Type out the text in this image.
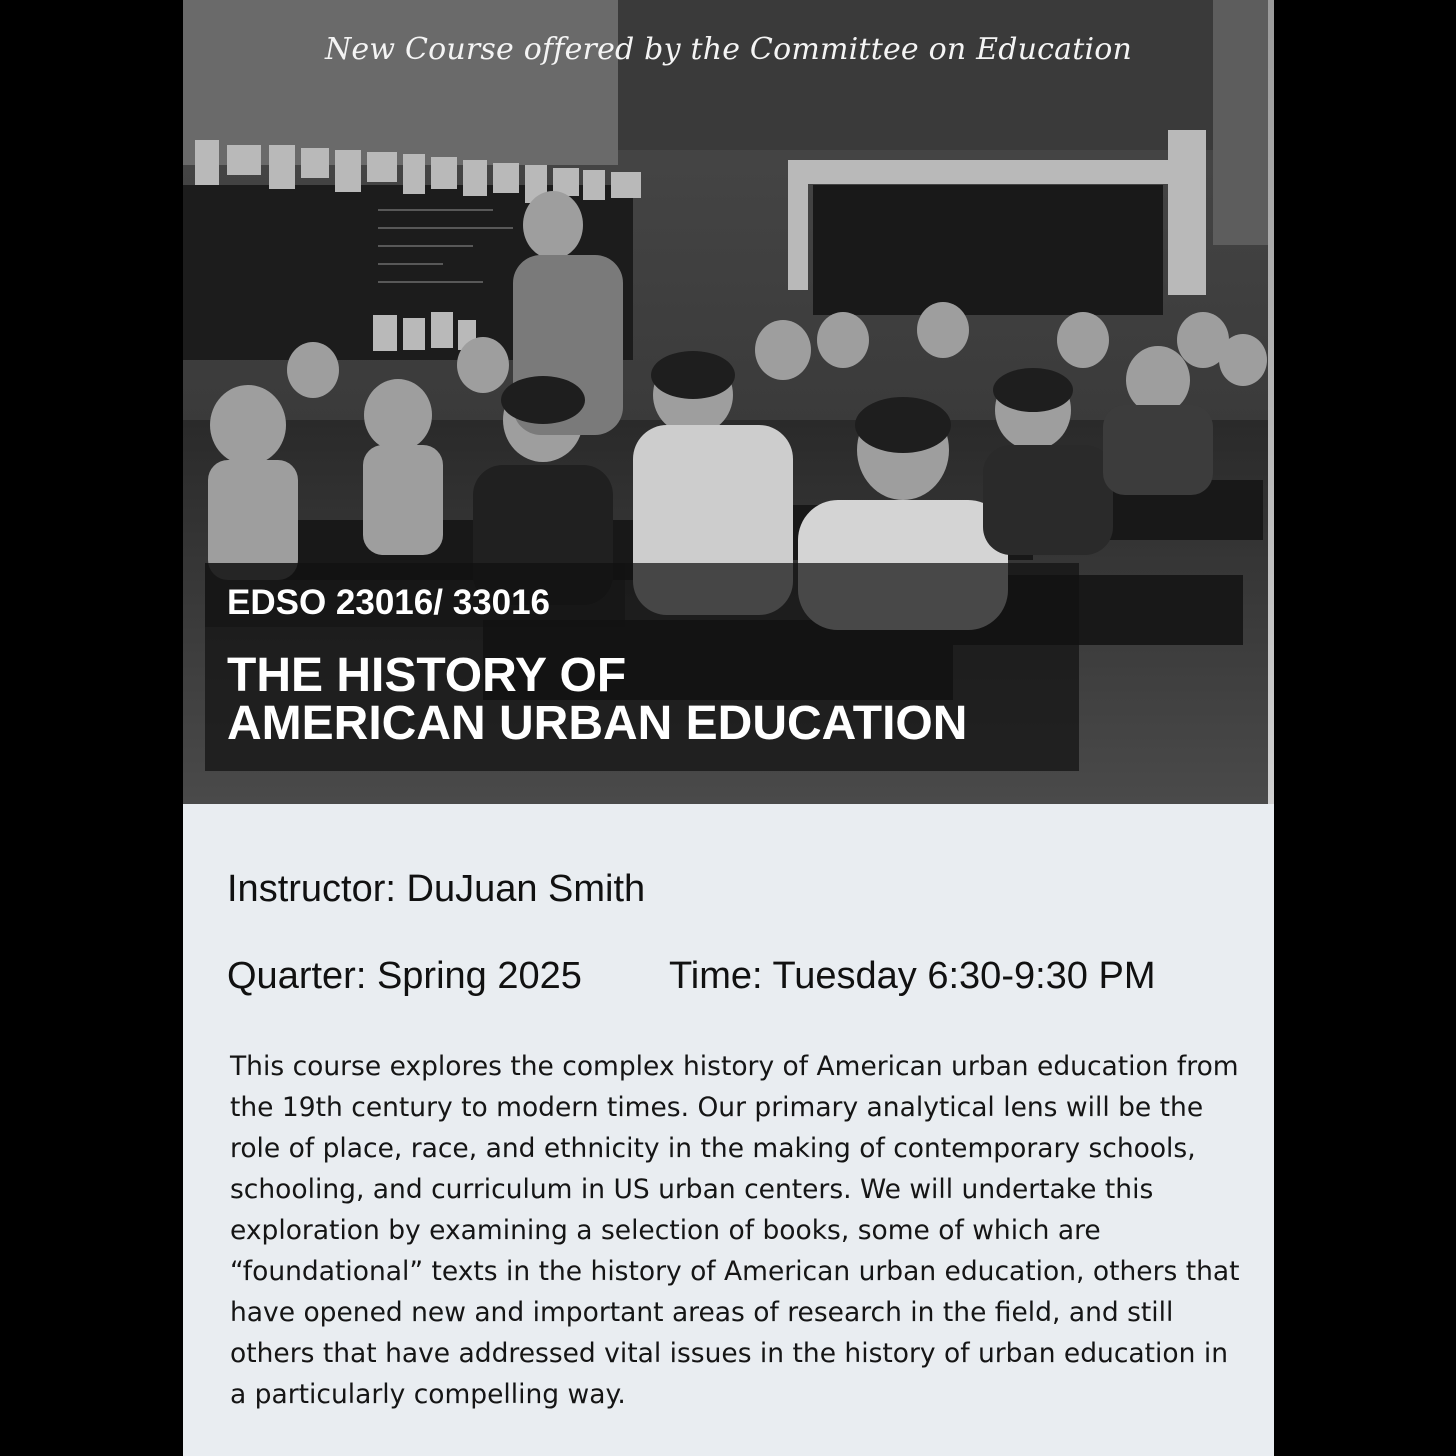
New Course offered by the Committee on Education
EDSO 23016/ 33016
THE HISTORY OF
AMERICAN URBAN EDUCATION
Instructor: DuJuan Smith
Quarter: Spring 2025 Time: Tuesday 6:30-9:30 PM

This course explores the complex history of American urban education from the 19th century to modern times. Our primary analytical lens will be the role of place, race, and ethnicity in the making of contemporary schools, schooling, and curriculum in US urban centers. We will undertake this exploration by examining a selection of books, some of which are “foundational” texts in the history of American urban education, others that have opened new and important areas of research in the field, and still others that have addressed vital issues in the history of urban education in a particularly compelling way.
